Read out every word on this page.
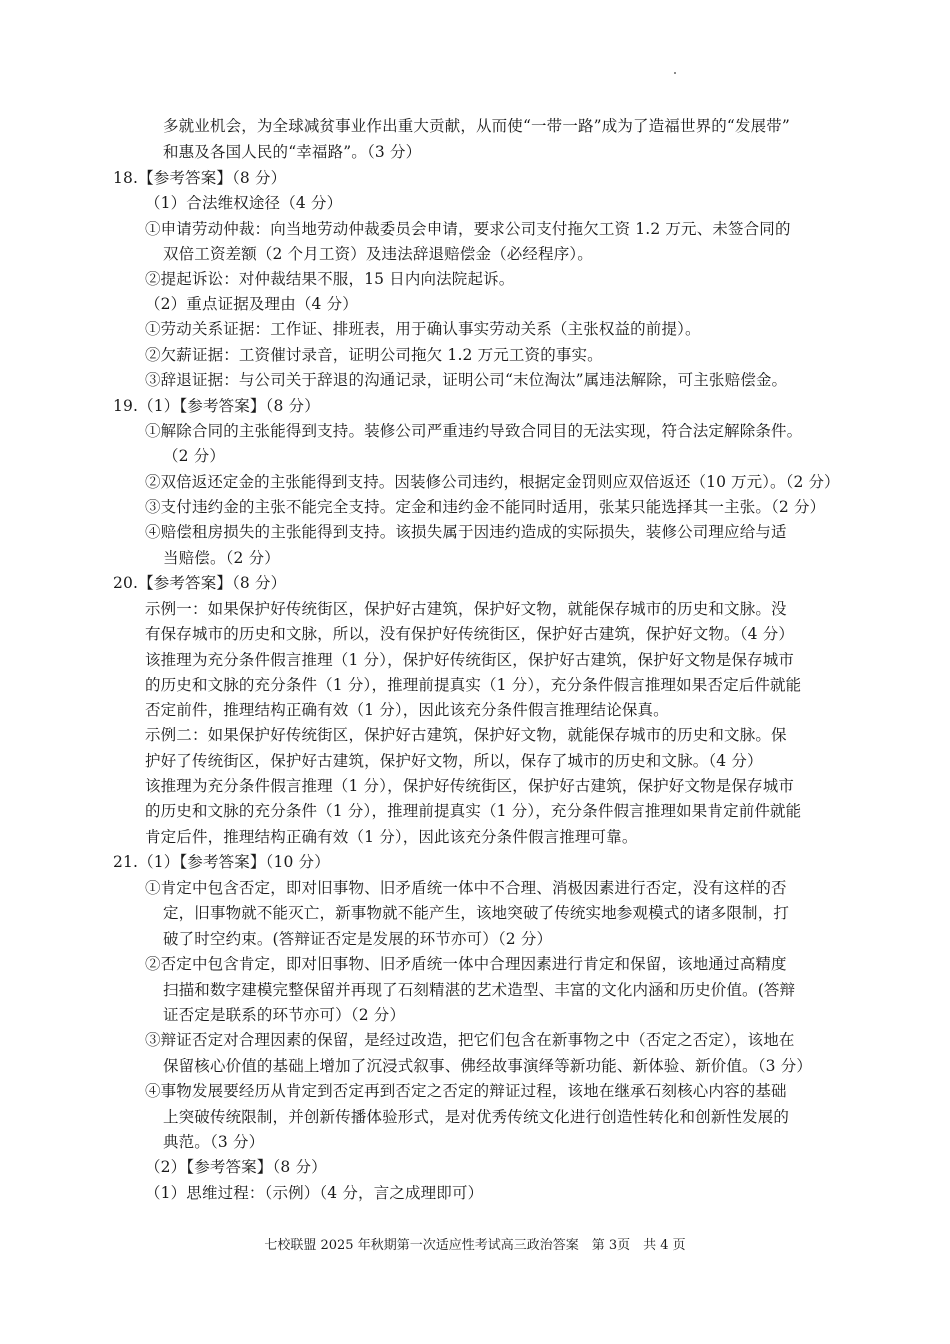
多就业机会，为全球减贫事业作出重大贡献，从而使“一带一路”成为了造福世界的“发展带”
和惠及各国人民的“幸福路”。（3 分）
18.【参考答案】（8 分）
（1）合法维权途径（4 分）
①申请劳动仲裁：向当地劳动仲裁委员会申请，要求公司支付拖欠工资 1.2 万元、未签合同的
双倍工资差额（2 个月工资）及违法辞退赔偿金（必经程序）。
②提起诉讼：对仲裁结果不服，15 日内向法院起诉。
（2）重点证据及理由（4 分）
①劳动关系证据：工作证、排班表，用于确认事实劳动关系（主张权益的前提）。
②欠薪证据：工资催讨录音，证明公司拖欠 1.2 万元工资的事实。
③辞退证据：与公司关于辞退的沟通记录，证明公司“末位淘汰”属违法解除，可主张赔偿金。
19.（1）【参考答案】（8 分）
①解除合同的主张能得到支持。装修公司严重违约导致合同目的无法实现，符合法定解除条件。
（2 分）
②双倍返还定金的主张能得到支持。因装修公司违约，根据定金罚则应双倍返还（10 万元）。（2 分）
③支付违约金的主张不能完全支持。定金和违约金不能同时适用，张某只能选择其一主张。（2 分）
④赔偿租房损失的主张能得到支持。该损失属于因违约造成的实际损失，装修公司理应给与适
当赔偿。（2 分）
20.【参考答案】（8 分）
示例一：如果保护好传统街区，保护好古建筑，保护好文物，就能保存城市的历史和文脉。没
有保存城市的历史和文脉，所以，没有保护好传统街区，保护好古建筑，保护好文物。（4 分）
该推理为充分条件假言推理（1 分），保护好传统街区，保护好古建筑，保护好文物是保存城市
的历史和文脉的充分条件（1 分），推理前提真实（1 分），充分条件假言推理如果否定后件就能
否定前件，推理结构正确有效（1 分），因此该充分条件假言推理结论保真。
示例二：如果保护好传统街区，保护好古建筑，保护好文物，就能保存城市的历史和文脉。保
护好了传统街区，保护好古建筑，保护好文物，所以，保存了城市的历史和文脉。（4 分）
该推理为充分条件假言推理（1 分），保护好传统街区，保护好古建筑，保护好文物是保存城市
的历史和文脉的充分条件（1 分），推理前提真实（1 分），充分条件假言推理如果肯定前件就能
肯定后件，推理结构正确有效（1 分），因此该充分条件假言推理可靠。
21.（1）【参考答案】（10 分）
①肯定中包含否定，即对旧事物、旧矛盾统一体中不合理、消极因素进行否定，没有这样的否
定，旧事物就不能灭亡，新事物就不能产生，该地突破了传统实地参观模式的诸多限制，打
破了时空约束。(答辩证否定是发展的环节亦可）（2 分）
②否定中包含肯定，即对旧事物、旧矛盾统一体中合理因素进行肯定和保留，该地通过高精度
扫描和数字建模完整保留并再现了石刻精湛的艺术造型、丰富的文化内涵和历史价值。(答辩
证否定是联系的环节亦可）（2 分）
③辩证否定对合理因素的保留，是经过改造，把它们包含在新事物之中（否定之否定），该地在
保留核心价值的基础上增加了沉浸式叙事、佛经故事演绎等新功能、新体验、新价值。（3 分）
④事物发展要经历从肯定到否定再到否定之否定的辩证过程，该地在继承石刻核心内容的基础
上突破传统限制，并创新传播体验形式，是对优秀传统文化进行创造性转化和创新性发展的
典范。（3 分）
（2）【参考答案】（8 分）
（1）思维过程：（示例）（4 分，言之成理即可）
七校联盟 2025 年秋期第一次适应性考试高三政治答案　第 3页　共 4 页
